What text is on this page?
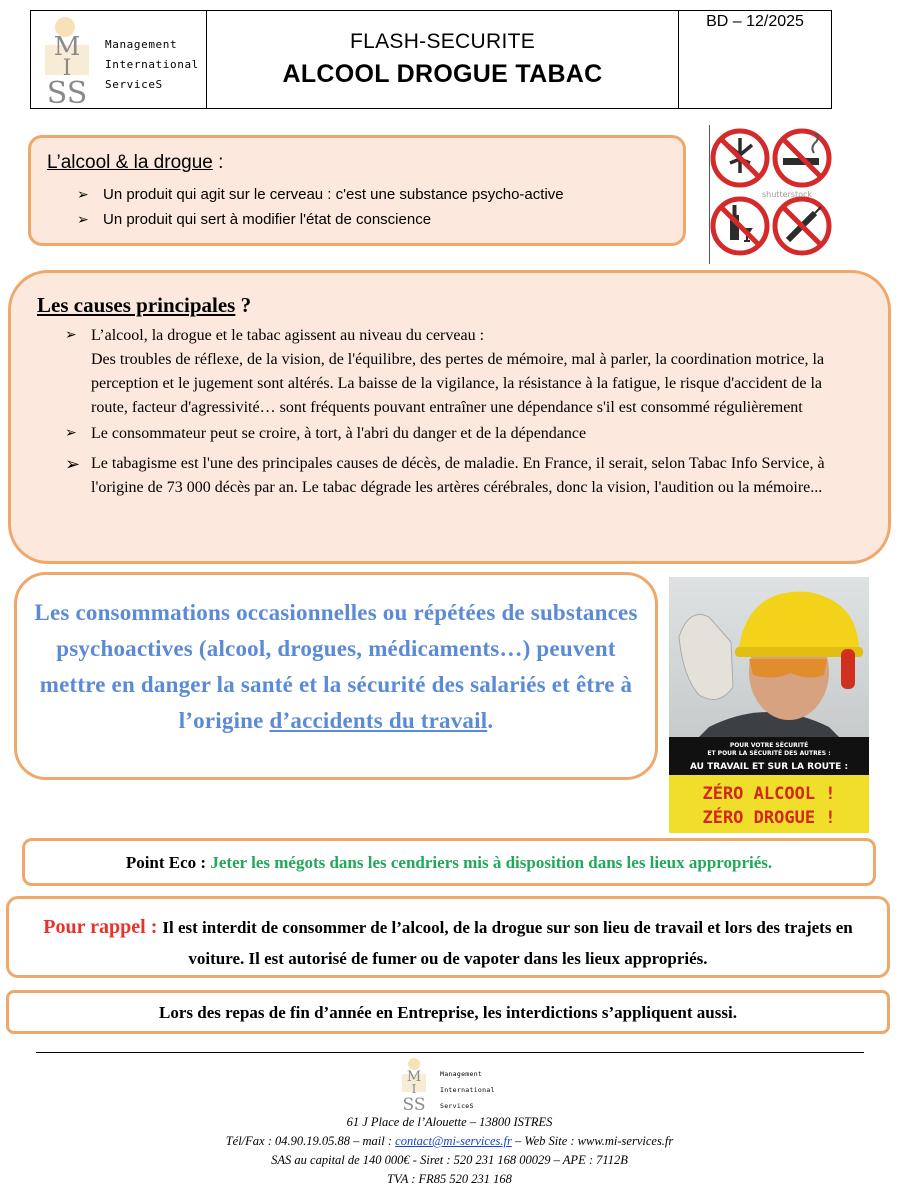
M
I
SS
Management
International
ServiceS
FLASH-SECURITE
ALCOOL DROGUE TABAC
BD – 12/2025
L’alcool & la drogue :
➢ Un produit qui agit sur le cerveau : c'est une substance psycho-active
➢ Un produit qui sert à modifier l'état de conscience
shutterstock
Les causes principales ?
➢ L’alcool, la drogue et le tabac agissent au niveau du cerveau :
Des troubles de réflexe, de la vision, de l'équilibre, des pertes de mémoire, mal à parler, la coordination motrice, la perception et le jugement sont altérés. La baisse de la vigilance, la résistance à la fatigue, le risque d'accident de la route, facteur d'agressivité… sont fréquents pouvant entraîner une dépendance s'il est consommé régulièrement
➢ Le consommateur peut se croire, à tort, à l'abri du danger et de la dépendance
➢ Le tabagisme est l'une des principales causes de décès, de maladie. En France, il serait, selon Tabac Info Service, à l'origine de 73 000 décès par an. Le tabac dégrade les artères cérébrales, donc la vision, l'audition ou la mémoire...
Les consommations occasionnelles ou répétées de substances psychoactives (alcool, drogues, médicaments…) peuvent mettre en danger la santé et la sécurité des salariés et être à l’origine d’accidents du travail.
POUR VOTRE SÉCURITÉ
ET POUR LA SÉCURITÉ DES AUTRES :
AU TRAVAIL ET SUR LA ROUTE :
ZÉRO ALCOOL !
ZÉRO DROGUE !
Point Eco : Jeter les mégots dans les cendriers mis à disposition dans les lieux appropriés.
Pour rappel : Il est interdit de consommer de l’alcool, de la drogue sur son lieu de travail et lors des trajets en voiture. Il est autorisé de fumer ou de vapoter dans les lieux appropriés.
Lors des repas de fin d’année en Entreprise, les interdictions s’appliquent aussi.
M
I
SS
Management
International
ServiceS
61 J Place de l’Alouette – 13800 ISTRES
Tél/Fax : 04.90.19.05.88 – mail : contact@mi-services.fr – Web Site : www.mi-services.fr
SAS au capital de 140 000€ - Siret : 520 231 168 00029 – APE : 7112B
TVA : FR85 520 231 168
